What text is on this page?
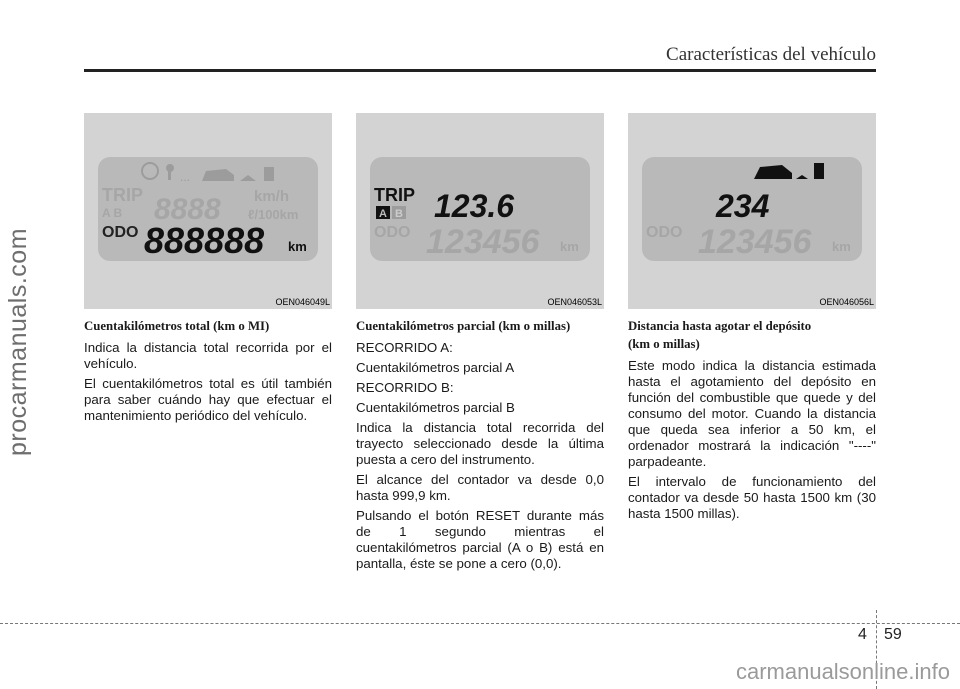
Características del vehículo
procarmanuals.com
...
TRIP
A B 8888 km/h
ℓ/100km
ODO 888888 km
OEN046049L
TRIP
A B 123.6
ODO 123456 km
OEN046053L
234
ODO 123456 km
OEN046056L
Cuentakilómetros total (km o MI)

Indica la distancia total recorrida por el vehículo.

El cuentakilómetros total es útil también para saber cuándo hay que efectuar el mantenimiento periódico del vehículo.

Cuentakilómetros parcial (km o millas)

RECORRIDO A:

Cuentakilómetros parcial A

RECORRIDO B:

Cuentakilómetros parcial B

Indica la distancia total recorrida del trayecto seleccionado desde la última puesta a cero del instrumento.

El alcance del contador va desde 0,0 hasta 999,9 km.

Pulsando el botón RESET durante más de 1 segundo mientras el cuentakilómetros parcial (A o B) está en pantalla, éste se pone a cero (0,0).

Distancia hasta agotar el depósito
(km o millas)

Este modo indica la distancia estimada hasta el agotamiento del depósito en función del combustible que quede y del consumo del motor. Cuando la distancia que queda sea inferior a 50 km, el ordenador mostrará la indicación "----" parpadeante.

El intervalo de funcionamiento del contador va desde 50 hasta 1500 km (30 hasta 1500 millas).

4 59
carmanualsonline.info
